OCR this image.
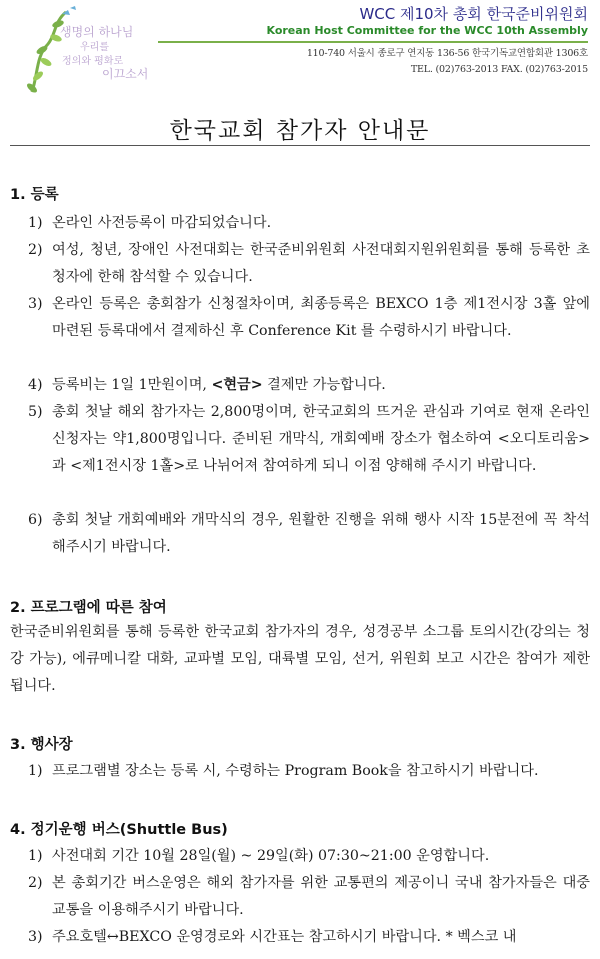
생명의 하나님
우리를
정의와 평화로
이끄소서
WCC 제10차 총회 한국준비위원회
Korean Host Committee for the WCC 10th Assembly
110-740 서울시 종로구 연지동 136-56 한국기독교연합회관 1306호
TEL. (02)763-2013 FAX. (02)763-2015
한국교회 참가자 안내문
1. 등록
1) 온라인 사전등록이 마감되었습니다.
2) 여성, 청년, 장애인 사전대회는 한국준비위원회 사전대회지원위원회를 통해 등록한 초청자에 한해 참석할 수 있습니다.
3) 온라인 등록은 총회참가 신청절차이며, 최종등록은 BEXCO 1층 제1전시장 3홀 앞에 마련된 등록대에서 결제하신 후 Conference Kit 를 수령하시기 바랍니다.
4) 등록비는 1일 1만원이며, <현금> 결제만 가능합니다.
5) 총회 첫날 해외 참가자는 2,800명이며, 한국교회의 뜨거운 관심과 기여로 현재 온라인 신청자는 약1,800명입니다. 준비된 개막식, 개회예배 장소가 협소하여 <오디토리움>과 <제1전시장 1홀>로 나뉘어져 참여하게 되니 이점 양해해 주시기 바랍니다.
6) 총회 첫날 개회예배와 개막식의 경우, 원활한 진행을 위해 행사 시작 15분전에 꼭 착석해주시기 바랍니다.
2. 프로그램에 따른 참여
한국준비위원회를 통해 등록한 한국교회 참가자의 경우, 성경공부 소그룹 토의시간(강의는 청강 가능), 에큐메니칼 대화, 교파별 모임, 대륙별 모임, 선거, 위원회 보고 시간은 참여가 제한됩니다.
3. 행사장
1) 프로그램별 장소는 등록 시, 수령하는 Program Book을 참고하시기 바랍니다.
4. 정기운행 버스(Shuttle Bus)
1) 사전대회 기간 10월 28일(월) ~ 29일(화) 07:30~21:00 운영합니다.
2) 본 총회기간 버스운영은 해외 참가자를 위한 교통편의 제공이니 국내 참가자들은 대중교통을 이용해주시기 바랍니다.
3) 주요호텔↔BEXCO 운영경로와 시간표는 참고하시기 바랍니다. * 벡스코 내
